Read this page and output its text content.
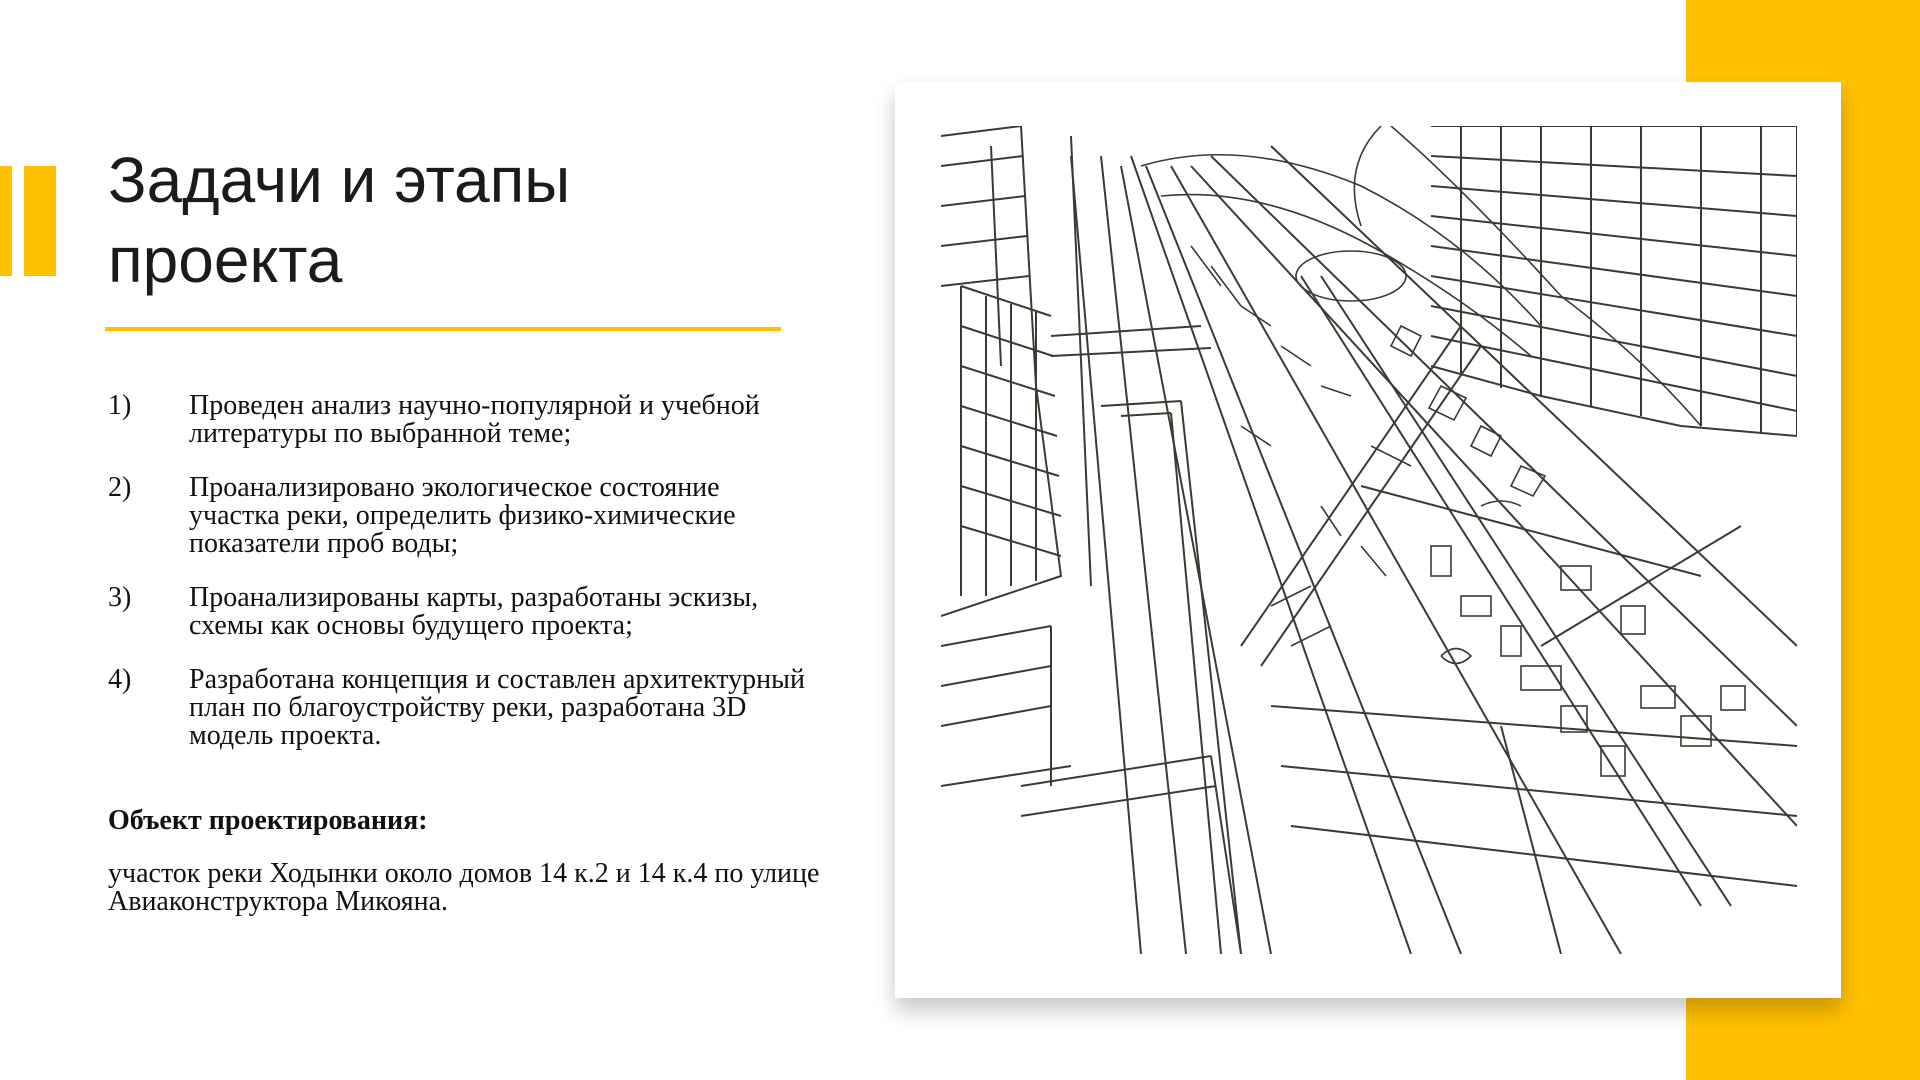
Задачи и этапы
проекта
1)	Проведен анализ научно-популярной и учебной литературы по выбранной теме;
2)	Проанализировано экологическое состояние участка реки, определить физико-химические показатели проб воды;
3)	Проанализированы карты, разработаны эскизы, схемы как основы будущего проекта;
4)	Разработана концепция и составлен архитектурный план по благоустройству реки, разработана 3D модель проекта.

Объект проектирования:

участок реки Ходынки около домов 14 к.2 и 14 к.4 по улице Авиаконструктора Микояна.
